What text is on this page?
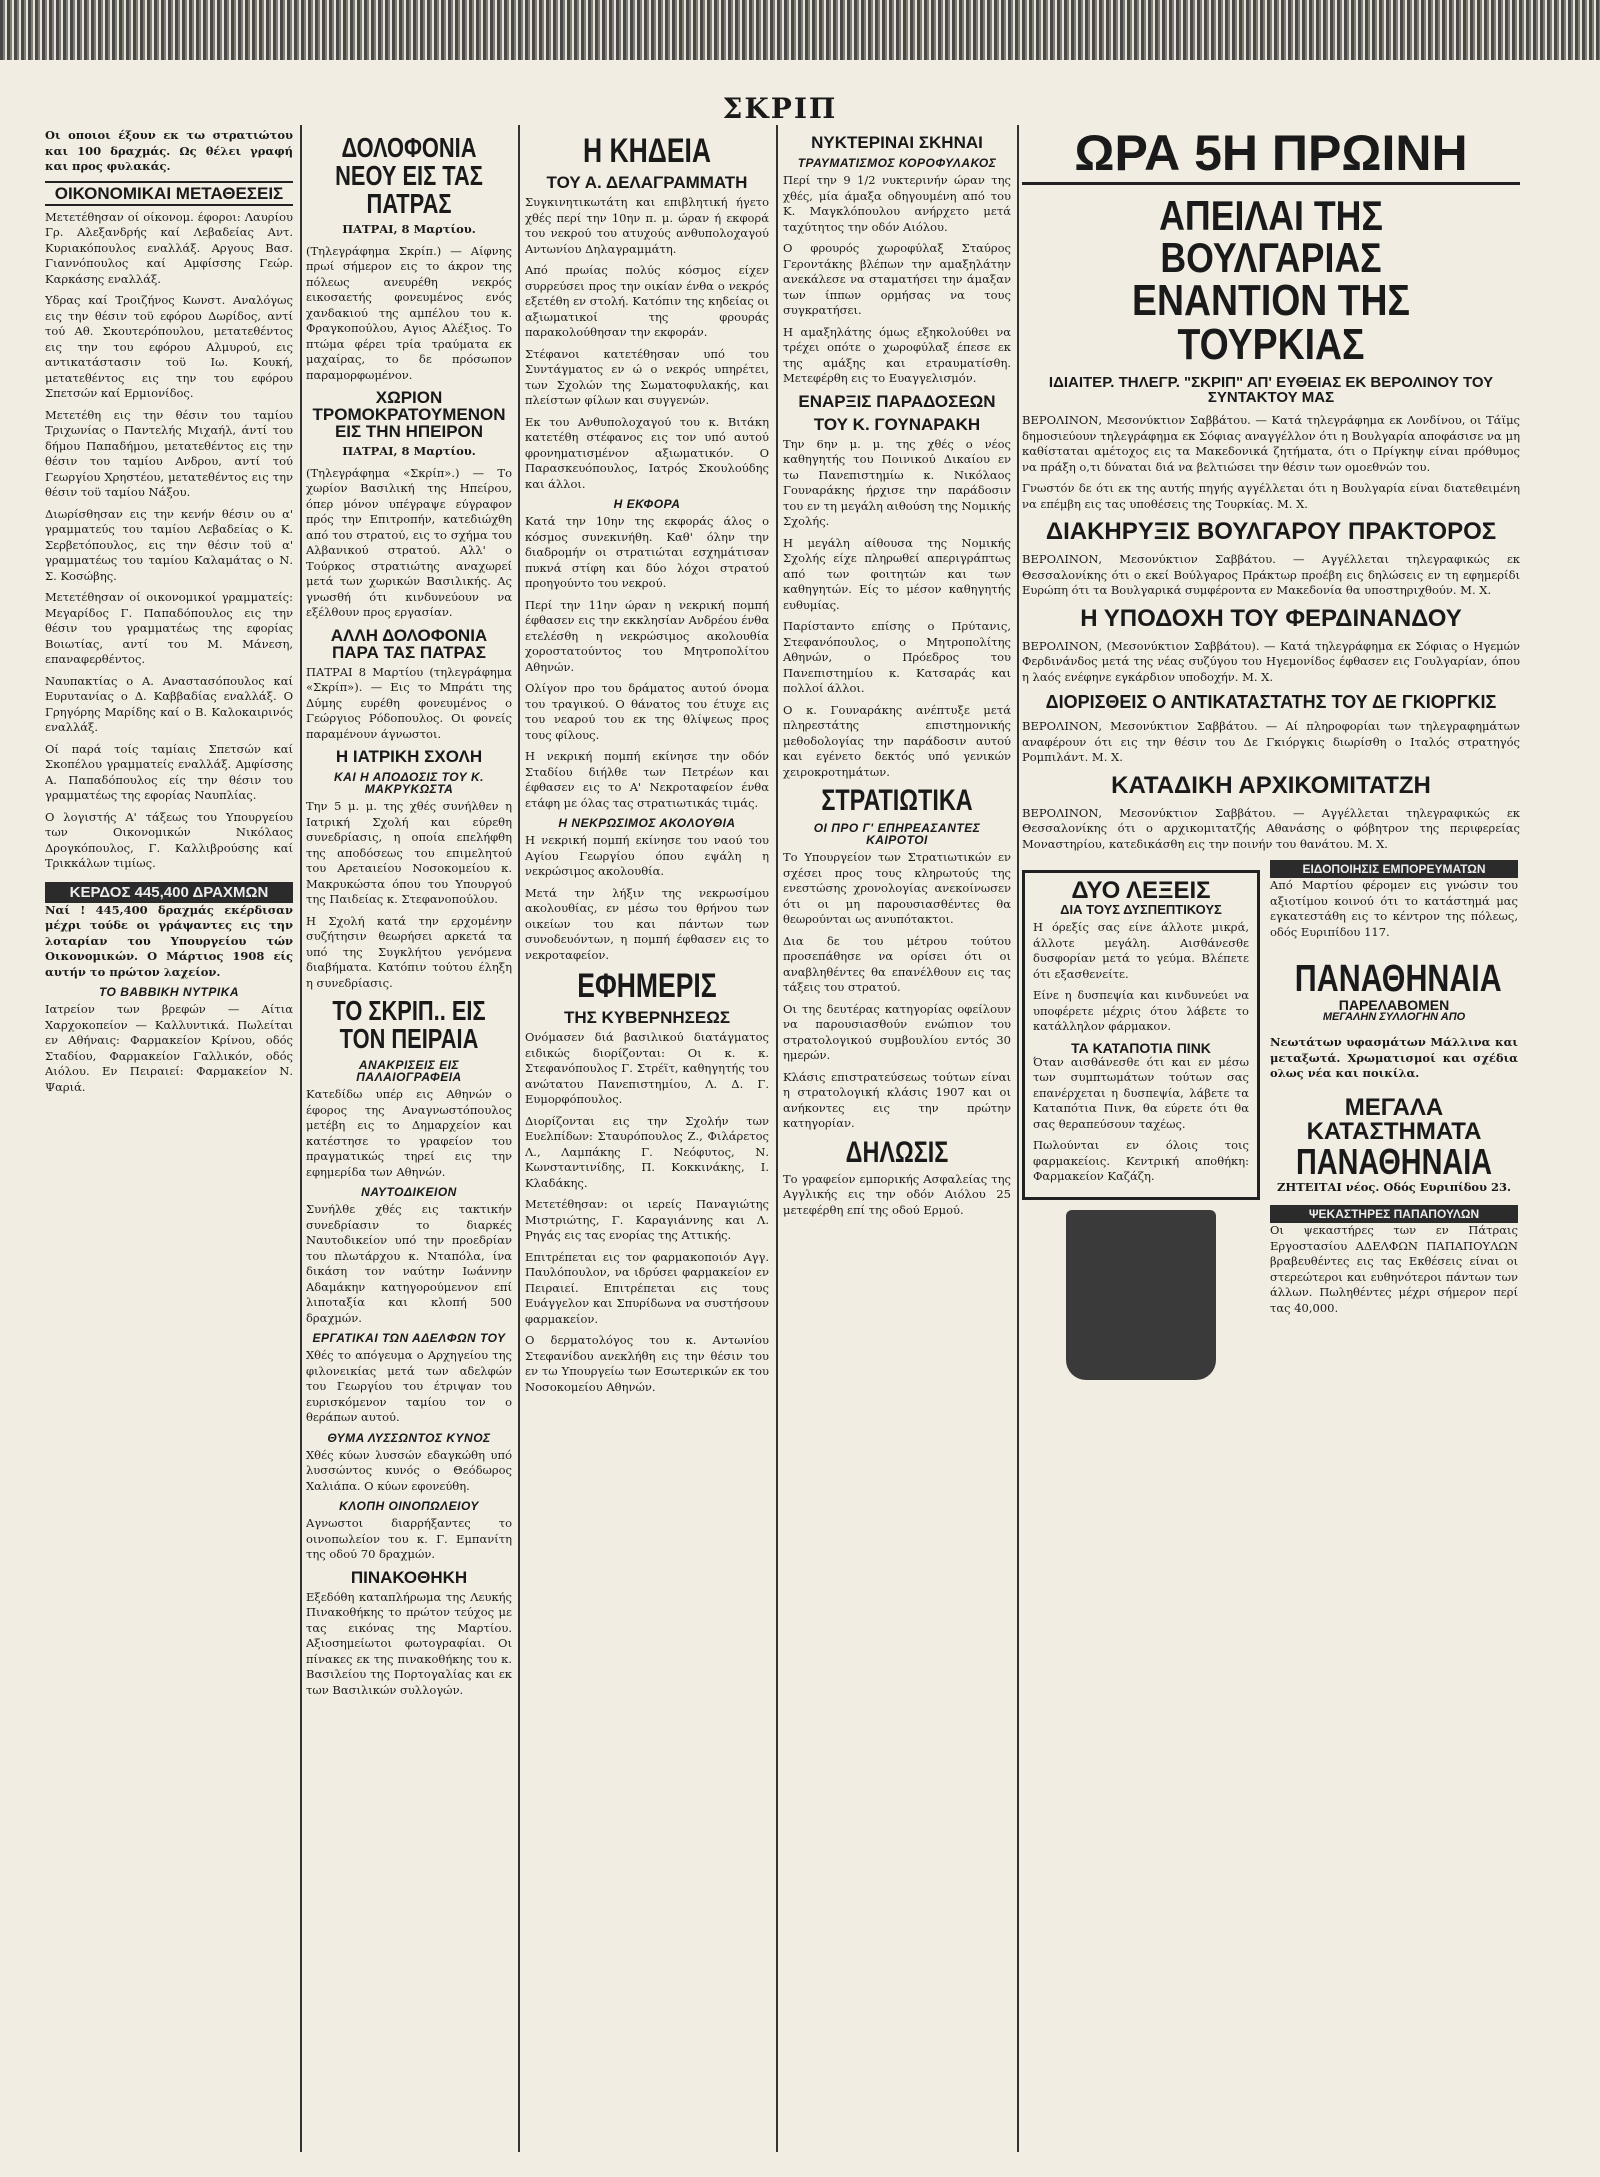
ΣΚΡΙΠ

Οι οποιοι έξουν εκ τω στρατιώτου και 100 δραχμάς. Ως θέλει γραφή και προς φυλακάς.

ΟΙΚΟΝΟΜΙΚΑΙ ΜΕΤΑΘΕΣΕΙΣ

Μετετέθησαν οί οίκονομ. έφοροι: Λαυρίου Γρ. Αλεξανδρής καί Λεβαδείας Αντ. Κυριακόπουλος εναλλάξ. Αργους Βασ. Γιαννόπουλος καί Αμφίσσης Γεώρ. Καρκάσης εναλλάξ.

Υδρας καί Τροιζήνος Κωνστ. Αναλόγως εις την θέσιν τοϋ εφόρου Δωρίδος, αντί τού Αθ. Σκουτερόπουλου, μετατεθέντος εις την του εφόρου Αλμυρού, εις αντικατάστασιν τοϋ Ιω. Κουκή, μετατεθέντος εις την του εφόρου Σπετσών καί Ερμιονίδος.

Μετετέθη εις την θέσιν του ταμίου Τριχωνίας ο Παντελής Μιχαήλ, άντί του δήμου Παπαδήμου, μετατεθέντος εις την θέσιν του ταμίου Ανδρου, αντί τού Γεωργίου Χρηστέου, μετατεθέντος εις την θέσιν τοϋ ταμίου Νάξου.

Διωρίσθησαν εις την κενήν θέσιν ου α' γραμματεύς του ταμίου Λεβαδείας ο Κ. Σερβετόπουλος, εις την θέσιν τοϋ α' γραμματέως του ταμίου Καλαμάτας ο Ν. Σ. Κοσώβης.

Μετετέθησαν οί οικονομικοί γραμματείς: Μεγαρίδος Γ. Παπαδόπουλος εις την θέσιν του γραμματέως της εφορίας Βοιωτίας, αντί του Μ. Μάνεση, επαναφερθέντος.

Ναυπακτίας ο Α. Αναστασόπουλος καί Ευρυτανίας ο Δ. Καββαδίας εναλλάξ. Ο Γρηγόρης Μαρίδης καί ο Β. Καλοκαιρινός εναλλάξ.

Οί παρά τοίς ταμίαις Σπετσών καί Σκοπέλου γραμματείς εναλλάξ. Αμφίσσης Α. Παπαδόπουλος είς την θέσιν του γραμματέως της εφορίας Ναυπλίας.

Ο λογιστής Α' τάξεως του Υπουργείου των Οικονομικών Νικόλαος Δρογκόπουλος, Γ. Καλλιβρούσης καί Τρικκάλων τιμίως.

ΚΕΡΔΟΣ 445,400 ΔΡΑΧΜΩΝ

Ναί ! 445,400 δραχμάς εκέρδισαν μέχρι τούδε οι γράψαντες εις την λοταρίαν του Υπουργείου τών Οικονομικών. Ο Μάρτιος 1908 είς αυτήν το πρώτον λαχείον.

ΤΟ ΒΑΒΒΙΚΗ ΝΥΤΡΙΚΑ

Ιατρείον των βρεφών — Αίτια Χαρχοκοπείον — Καλλυντικά. Πωλείται εν Αθήναις: Φαρμακείον Κρίνου, οδός Σταδίου, Φαρμακείον Γαλλικόν, οδός Αιόλου. Εν Πειραιεί: Φαρμακείον Ν. Ψαριά.

ΔΟΛΟΦΟΝΙΑ ΝΕΟΥ ΕΙΣ ΤΑΣ ΠΑΤΡΑΣ

ΠΑΤΡΑΙ, 8 Μαρτίου.

(Τηλεγράφημα Σκρίπ.) — Αίφνης πρωί σήμερον εις το άκρον της πόλεως ανευρέθη νεκρός εικοσαετής φονευμένος ενός χανδακιού της αμπέλου του κ. Φραγκοπούλου, Αγιος Αλέξιος. Το πτώμα φέρει τρία τραύματα εκ μαχαίρας, το δε πρόσωπον παραμορφωμένον.

ΧΩΡΙΟΝ ΤΡΟΜΟΚΡΑΤΟΥΜΕΝΟΝ ΕΙΣ ΤΗΝ ΗΠΕΙΡΟΝ

ΠΑΤΡΑΙ, 8 Μαρτίου.

(Τηλεγράφημα «Σκρίπ».) — Το χωρίον Βασιλική της Ηπείρου, όπερ μόνον υπέγραψε εύγραφον πρός την Επιτροπήν, κατεδιώχθη από του στρατού, εις το σχήμα του Αλβανικού στρατού. Αλλ' ο Τούρκος στρατιώτης αναχωρεί μετά των χωρικών Βασιλικής. Ας γνωσθή ότι κινδυνεύουν να εξέλθουν προς εργασίαν.

ΑΛΛΗ ΔΟΛΟΦΟΝΙΑ ΠΑΡΑ ΤΑΣ ΠΑΤΡΑΣ

ΠΑΤΡΑΙ 8 Μαρτίου (τηλεγράφημα «Σκρίπ»). — Εις το Μπράτι της Δύμης ευρέθη φονευμένος ο Γεώργιος Ρόδοπουλος. Οι φονείς παραμένουν άγνωστοι.

Η ΙΑΤΡΙΚΗ ΣΧΟΛΗ
ΚΑΙ Η ΑΠΟΔΟΣΙΣ ΤΟΥ Κ. ΜΑΚΡΥΚΩΣΤΑ

Την 5 μ. μ. της χθές συνήλθεν η Ιατρική Σχολή και εύρεθη συνεδρίασις, η οποία επελήφθη της αποδόσεως του επιμελητού του Αρεταιείου Νοσοκομείου κ. Μακρυκώστα όπου του Υπουργού της Παιδείας κ. Στεφανοπούλου.

Η Σχολή κατά την ερχομένην συζήτησιν θεωρήσει αρκετά τα υπό της Συγκλήτου γενόμενα διαβήματα. Κατόπιν τούτου έληξη η συνεδρίασις.

ΤΟ ΣΚΡΙΠ.. ΕΙΣ ΤΟΝ ΠΕΙΡΑΙΑ
ΑΝΑΚΡΙΣΕΙΣ ΕΙΣ ΠΑΛΑΙΟΓΡΑΦΕΙΑ

Κατεδίδω υπέρ εις Αθηνών ο έφορος της Αναγνωστόπουλος μετέβη εις το Δημαρχείον και κατέστησε το γραφείον του πραγματικώς τηρεί εις την εφημερίδα των Αθηνών.

ΝΑΥΤΟΔΙΚΕΙΟΝ

Συνήλθε χθές εις τακτικήν συνεδρίασιν το διαρκές Ναυτοδικείον υπό την προεδρίαν του πλωτάρχου κ. Νταπόλα, ίνα δικάση τον ναύτην Ιωάννην Αδαμάκην κατηγορούμενον επί λιποταξία και κλοπή 500 δραχμών.

ΕΡΓΑΤΙΚΑΙ ΤΩΝ ΑΔΕΛΦΩΝ ΤΟΥ

Χθές το απόγευμα ο Αρχηγείου της φιλονεικίας μετά των αδελφών του Γεωργίου του έτριψαν του ευρισκόμενον ταμίου τον ο θεράπων αυτού.

ΘΥΜΑ ΛΥΣΣΩΝΤΟΣ ΚΥΝΟΣ

Χθές κύων λυσσών εδαγκώθη υπό λυσσώντος κυνός ο Θεόδωρος Χαλιάπα. Ο κύων εφονεύθη.

ΚΛΟΠΗ ΟΙΝΟΠΩΛΕΙΟΥ

Αγνωστοι διαρρήξαντες το οινοπωλείον του κ. Γ. Εμπανίτη της οδού 70 δραχμών.

ΠΙΝΑΚΟΘΗΚΗ

Εξεδόθη καταπλήρωμα της Λευκής Πινακοθήκης το πρώτον τεύχος με τας εικόνας της Μαρτίου. Αξιοσημείωτοι φωτογραφίαι. Οι πίνακες εκ της πινακοθήκης του κ. Βασιλείου της Πορτογαλίας και εκ των Βασιλικών συλλογών.

Η ΚΗΔΕΙΑ
ΤΟΥ Α. ΔΕΛΑΓΡΑΜΜΑΤΗ

Συγκινητικωτάτη και επιβλητική ήγετο χθές περί την 10ην π. μ. ώραν ή εκφορά του νεκρού του ατυχούς ανθυπολοχαγού Αντωνίου Δηλαγραμμάτη.

Από πρωίας πολύς κόσμος είχεν συρρεύσει προς την οικίαν ένθα ο νεκρός εξετέθη εν στολή. Κατόπιν της κηδείας οι αξιωματικοί της φρουράς παρακολούθησαν την εκφοράν.

Στέφανοι κατετέθησαν υπό του Συντάγματος εν ώ ο νεκρός υπηρέτει, των Σχολών της Σωματοφυλακής, και πλείστων φίλων και συγγενών.

Εκ του Ανθυπολοχαγού του κ. Βιτάκη κατετέθη στέφανος εις τον υπό αυτού φρονηματισμένον αξιωματικόν. Ο Παρασκευόπουλος, Ιατρός Σκουλούδης και άλλοι.

Η ΕΚΦΟΡΑ

Κατά την 10ην της εκφοράς άλος ο κόσμος συνεκινήθη. Καθ' όλην την διαδρομήν οι στρατιώται εσχημάτισαν πυκνά στίφη και δύο λόχοι στρατού προηγούντο του νεκρού.

Περί την 11ην ώραν η νεκρική πομπή έφθασεν εις την εκκλησίαν Ανδρέου ένθα ετελέσθη η νεκρώσιμος ακολουθία χοροστατούντος του Μητροπολίτου Αθηνών.

Ολίγον προ του δράματος αυτού όνομα του τραγικού. Ο θάνατος του έτυχε εις του νεαρού του εκ της θλίψεως προς τους φίλους.

Η νεκρική πομπή εκίνησε την οδόν Σταδίου διήλθε των Πετρέων και έφθασεν εις το Α' Νεκροταφείον ένθα ετάφη με όλας τας στρατιωτικάς τιμάς.

Η ΝΕΚΡΩΣΙΜΟΣ ΑΚΟΛΟΥΘΙΑ

Η νεκρική πομπή εκίνησε του ναού του Αγίου Γεωργίου όπου εψάλη η νεκρώσιμος ακολουθία.

Μετά την λήξιν της νεκρωσίμου ακολουθίας, εν μέσω του θρήνου των οικείων του και πάντων των συνοδευόντων, η πομπή έφθασεν εις το νεκροταφείον.

ΕΦΗΜΕΡΙΣ
ΤΗΣ ΚΥΒΕΡΝΗΣΕΩΣ

Ονόμασεν διά βασιλικού διατάγματος ειδικώς διορίζονται: Οι κ. κ. Στεφανόπουλος Γ. Στρέϊτ, καθηγητής του ανώτατου Πανεπιστημίου, Λ. Δ. Γ. Ευμορφόπουλος.

Διορίζονται εις την Σχολήν των Ευελπίδων: Σταυρόπουλος Ζ., Φιλάρετος Λ., Λαμπάκης Γ. Νεόφυτος, Ν. Κωνσταντινίδης, Π. Κοκκινάκης, Ι. Κλαδάκης.

Μετετέθησαν: οι ιερείς Παναγιώτης Μιστριώτης, Γ. Καραγιάννης και Λ. Ρηγάς εις τας ενορίας της Αττικής.

Επιτρέπεται εις τον φαρμακοποιόν Αγγ. Παυλόπουλον, να ιδρύσει φαρμακείον εν Πειραιεί. Επιτρέπεται εις τους Ευάγγελον και Σπυρίδωνα να συστήσουν φαρμακείον.

Ο δερματολόγος του κ. Αντωνίου Στεφανίδου ανεκλήθη εις την θέσιν του εν τω Υπουργείω των Εσωτερικών εκ του Νοσοκομείου Αθηνών.

ΝΥΚΤΕΡΙΝΑΙ ΣΚΗΝΑΙ
ΤΡΑΥΜΑΤΙΣΜΟΣ ΚΟΡΟΦΥΛΑΚΟΣ

Περί την 9 1/2 νυκτερινήν ώραν της χθές, μία άμαξα οδηγουμένη από του Κ. Μαγκλόπουλου ανήρχετο μετά ταχύτητος την οδόν Αιόλου.

Ο φρουρός χωροφύλαξ Σταύρος Γεροντάκης βλέπων την αμαξηλάτην ανεκάλεσε να σταματήσει την άμαξαν των ίππων ορμήσας να τους συγκρατήσει.

Η αμαξηλάτης όμως εξηκολούθει να τρέχει οπότε ο χωροφύλαξ έπεσε εκ της αμάξης και ετραυματίσθη. Μετεφέρθη εις το Ευαγγελισμόν.

ΕΝΑΡΞΙΣ ΠΑΡΑΔΟΣΕΩΝ
ΤΟΥ Κ. ΓΟΥΝΑΡΑΚΗ

Την 6ην μ. μ. της χθές ο νέος καθηγητής του Ποινικού Δικαίου εν τω Πανεπιστημίω κ. Νικόλαος Γουναράκης ήρχισε την παράδοσιν του εν τη μεγάλη αιθούση της Νομικής Σχολής.

Η μεγάλη αίθουσα της Νομικής Σχολής είχε πληρωθεί απεριγράπτως από των φοιτητών και των καθηγητών. Είς το μέσον καθηγητής ευθυμίας.

Παρίσταντο επίσης ο Πρύτανις, Στεφανόπουλος, ο Μητροπολίτης Αθηνών, ο Πρόεδρος του Πανεπιστημίου κ. Κατσαράς και πολλοί άλλοι.

Ο κ. Γουναράκης ανέπτυξε μετά πληρεστάτης επιστημονικής μεθοδολογίας την παράδοσιν αυτού και εγένετο δεκτός υπό γενικών χειροκροτημάτων.

ΣΤΡΑΤΙΩΤΙΚΑ
ΟΙ ΠΡΟ Γ' ΕΠΗΡΕΑΣΑΝΤΕΣ ΚΑΙΡΟΤΟΙ

Το Υπουργείον των Στρατιωτικών εν σχέσει προς τους κληρωτούς της ενεστώσης χρονολογίας ανεκοίνωσεν ότι οι μη παρουσιασθέντες θα θεωρούνται ως ανυπότακτοι.

Δια δε του μέτρου τούτου προσεπάθησε να ορίσει ότι οι αναβληθέντες θα επανέλθουν εις τας τάξεις του στρατού.

Οι της δευτέρας κατηγορίας οφείλουν να παρουσιασθούν ενώπιον του στρατολογικού συμβουλίου εντός 30 ημερών.

Κλάσις επιστρατεύσεως τούτων είναι η στρατολογική κλάσις 1907 και οι ανήκοντες εις την πρώτην κατηγορίαν.

ΔΗΛΩΣΙΣ

Το γραφείον εμπορικής Ασφαλείας της Αγγλικής εις την οδόν Αιόλου 25 μετεφέρθη επί της οδού Ερμού.

ΩΡΑ 5Η ΠΡΩΙΝΗ
ΑΠΕΙΛΑΙ ΤΗΣ ΒΟΥΛΓΑΡΙΑΣ
ΕΝΑΝΤΙΟΝ ΤΗΣ ΤΟΥΡΚΙΑΣ
ΙΔΙΑΙΤΕΡ. ΤΗΛΕΓΡ. "ΣΚΡΙΠ" ΑΠ' ΕΥΘΕΙΑΣ ΕΚ ΒΕΡΟΛΙΝΟΥ ΤΟΥ ΣΥΝΤΑΚΤΟΥ ΜΑΣ

ΒΕΡΟΛΙΝΟΝ, Μεσονύκτιον Σαββάτου. — Κατά τηλεγράφημα εκ Λονδίνου, οι Τάϊμς δημοσιεύουν τηλεγράφημα εκ Σόφιας αναγγέλλον ότι η Βουλγαρία αποφάσισε να μη καθίσταται αμέτοχος εις τα Μακεδονικά ζητήματα, ότι ο Πρίγκηψ είναι πρόθυμος να πράξη ο,τι δύναται διά να βελτιώσει την θέσιν των ομοεθνών του.

Γνωστόν δε ότι εκ της αυτής πηγής αγγέλλεται ότι η Βουλγαρία είναι διατεθειμένη να επέμβη εις τας υποθέσεις της Τουρκίας. Μ. Χ.

ΔΙΑΚΗΡΥΞΙΣ ΒΟΥΛΓΑΡΟΥ ΠΡΑΚΤΟΡΟΣ

ΒΕΡΟΛΙΝΟΝ, Μεσονύκτιον Σαββάτου. — Αγγέλλεται τηλεγραφικώς εκ Θεσσαλονίκης ότι ο εκεί Βούλγαρος Πράκτωρ προέβη εις δηλώσεις εν τη εφημερίδι Ευρώπη ότι τα Βουλγαρικά συμφέροντα εν Μακεδονία θα υποστηριχθούν. Μ. Χ.

Η ΥΠΟΔΟΧΗ ΤΟΥ ΦΕΡΔΙΝΑΝΔΟΥ

ΒΕΡΟΛΙΝΟΝ, (Μεσονύκτιον Σαββάτου). — Κατά τηλεγράφημα εκ Σόφιας ο Ηγεμών Φερδινάνδος μετά της νέας συζύγου του Ηγεμονίδος έφθασεν εις Γουλγαρίαν, όπου η λαός ενέφηνε εγκάρδιον υποδοχήν. Μ. Χ.

ΔΙΟΡΙΣΘΕΙΣ Ο ΑΝΤΙΚΑΤΑΣΤΑΤΗΣ ΤΟΥ ΔΕ ΓΚΙΟΡΓΚΙΣ

ΒΕΡΟΛΙΝΟΝ, Μεσονύκτιον Σαββάτου. — Αί πληροφορίαι των τηλεγραφημάτων αναφέρουν ότι εις την θέσιν του Δε Γκιόργκις διωρίσθη ο Ιταλός στρατηγός Ρομπιλάντ. Μ. Χ.

ΚΑΤΑΔΙΚΗ ΑΡΧΙΚΟΜΙΤΑΤΖΗ

ΒΕΡΟΛΙΝΟΝ, Μεσονύκτιον Σαββάτου. — Αγγέλλεται τηλεγραφικώς εκ Θεσσαλονίκης ότι ο αρχικομιτατζής Αθανάσης ο φόβητρον της περιφερείας Μοναστηρίου, κατεδικάσθη εις την ποινήν του θανάτου. Μ. Χ.

ΔΥΟ ΛΕΞΕΙΣ
ΔΙΑ ΤΟΥΣ ΔΥΣΠΕΠΤΙΚΟΥΣ

Η όρεξίς σας είνε άλλοτε μικρά, άλλοτε μεγάλη. Αισθάνεσθε δυσφορίαν μετά το γεύμα. Βλέπετε ότι εξασθενείτε.

Είνε η δυσπεψία και κινδυνεύει να υποφέρετε μέχρις ότου λάβετε το κατάλληλον φάρμακον.

ΤΑ ΚΑΤΑΠΟΤΙΑ ΠΙΝΚ

Όταν αισθάνεσθε ότι και εν μέσω των συμπτωμάτων τούτων σας επανέρχεται η δυσπεψία, λάβετε τα Καταπότια Πινκ, θα εύρετε ότι θα σας θεραπεύσουν ταχέως.

Πωλούνται εν όλοις τοις φαρμακείοις. Κεντρική αποθήκη: Φαρμακείον Καζάζη.

ΕΙΔΟΠΟΙΗΣΙΣ ΕΜΠΟΡΕΥΜΑΤΩΝ

Από Μαρτίου φέρομεν εις γνώσιν του αξιοτίμου κοινού ότι το κατάστημά μας εγκατεστάθη εις το κέντρον της πόλεως, οδός Ευριπίδου 117.

ΠΑΝΑΘΗΝΑΙΑ
ΠΑΡΕΛΑΒΟΜΕΝ
ΜΕΓΑΛΗΝ ΣΥΛΛΟΓΗΝ ΑΠΟ

Νεωτάτων υφασμάτων Μάλλινα και μεταξωτά. Χρωματισμοί και σχέδια ολως νέα και ποικίλα.

ΜΕΓΑΛΑ ΚΑΤΑΣΤΗΜΑΤΑ
ΠΑΝΑΘΗΝΑΙΑ

ΖΗΤΕΙΤΑΙ νέος. Οδός Ευριπίδου 23.

ΨΕΚΑΣΤΗΡΕΣ ΠΑΠΑΠΟΥΛΩΝ

Οι ψεκαστήρες των εν Πάτραις Εργοστασίου ΑΔΕΛΦΩΝ ΠΑΠΑΠΟΥΛΩΝ βραβευθέντες εις τας Εκθέσεις είναι οι στερεώτεροι και ευθηνότεροι πάντων των άλλων. Πωληθέντες μέχρι σήμερον περί τας 40,000.
